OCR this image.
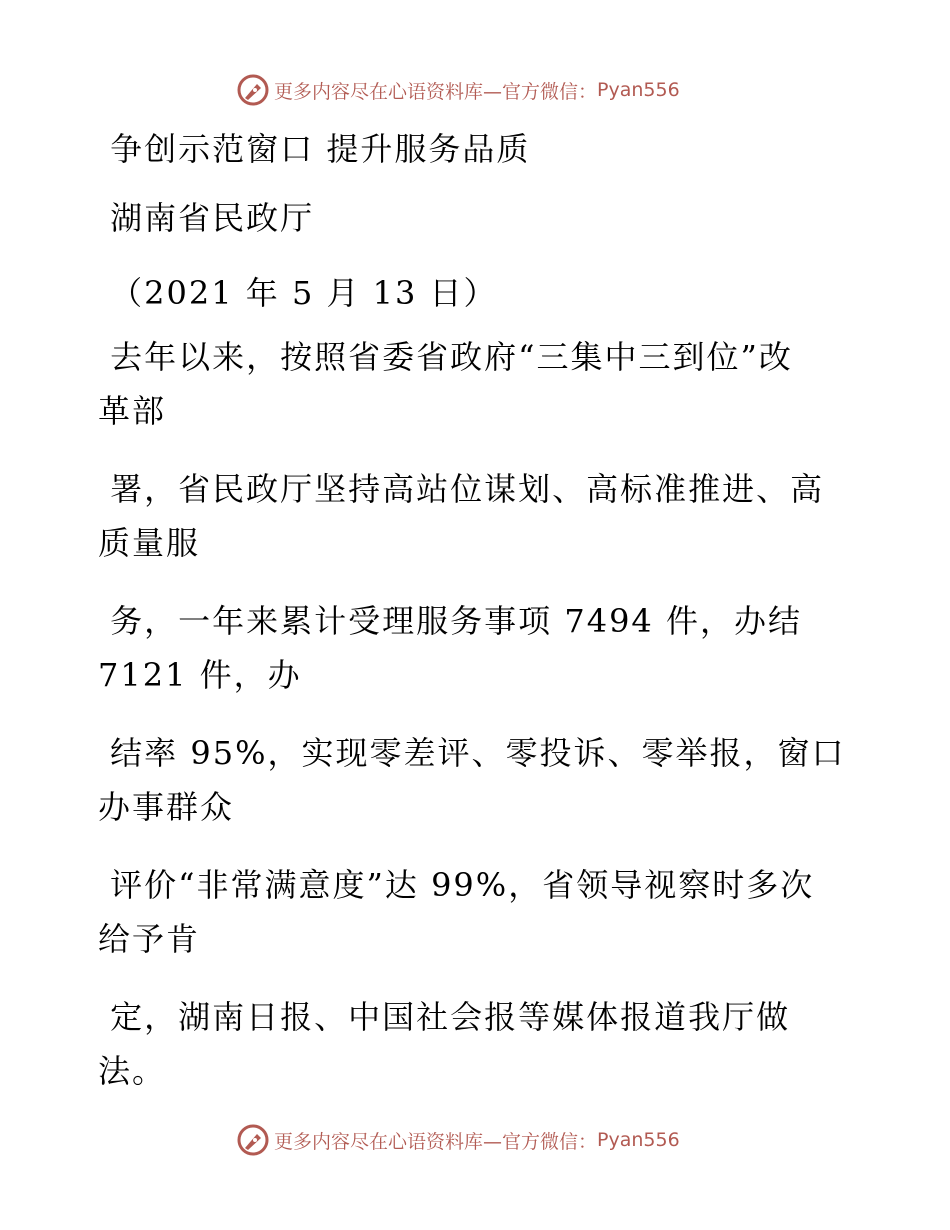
更多内容尽在心语资料库—官方微信： Pyan556
争创示范窗口 提升服务品质
湖南省民政厅
（2021 年 5 月 13 日）
去年以来，按照省委省政府“三集中三到位”改
革部
署，省民政厅坚持高站位谋划、高标准推进、高
质量服
务，一年来累计受理服务事项 7494 件，办结
7121 件，办
结率 95%，实现零差评、零投诉、零举报，窗口
办事群众
评价“非常满意度”达 99%，省领导视察时多次
给予肯
定，湖南日报、中国社会报等媒体报道我厅做
法。
更多内容尽在心语资料库—官方微信： Pyan556
